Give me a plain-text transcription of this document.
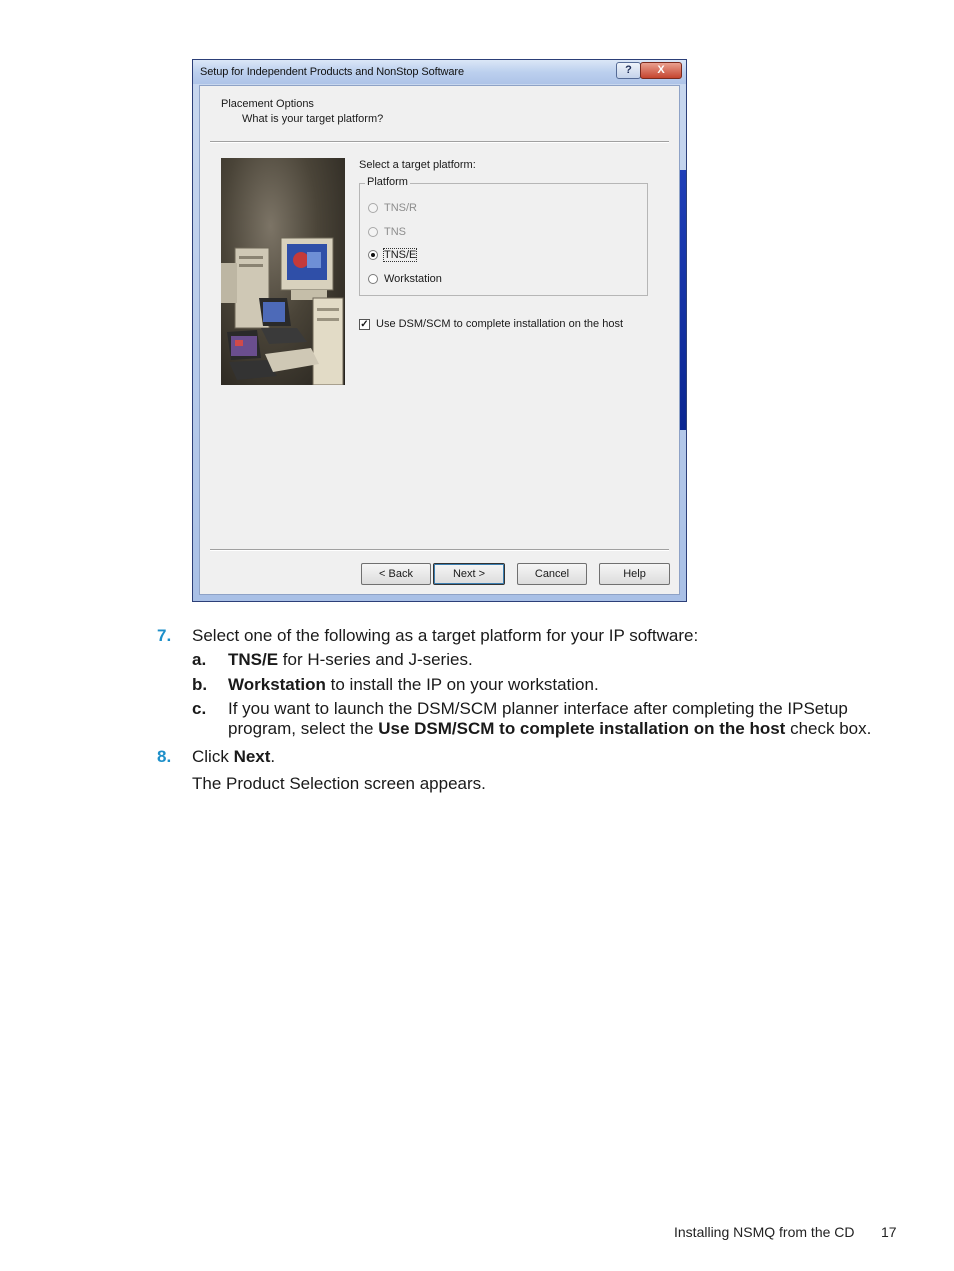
Setup for Independent Products and NonStop Software	?	X
Placement Options
What is your target platform?
Select a target platform:
Platform
TNS/R
TNS
TNS/E
Workstation
✓ Use DSM/SCM to complete installation on the host
< Back	Next >	Cancel	Help
7. Select one of the following as a target platform for your IP software:
a. TNS/E for H-series and J-series.
b. Workstation to install the IP on your workstation.
c. If you want to launch the DSM/SCM planner interface after completing the IPSetup
program, select the Use DSM/SCM to complete installation on the host check box.
8. Click Next.
The Product Selection screen appears.
Installing NSMQ from the CD 17
